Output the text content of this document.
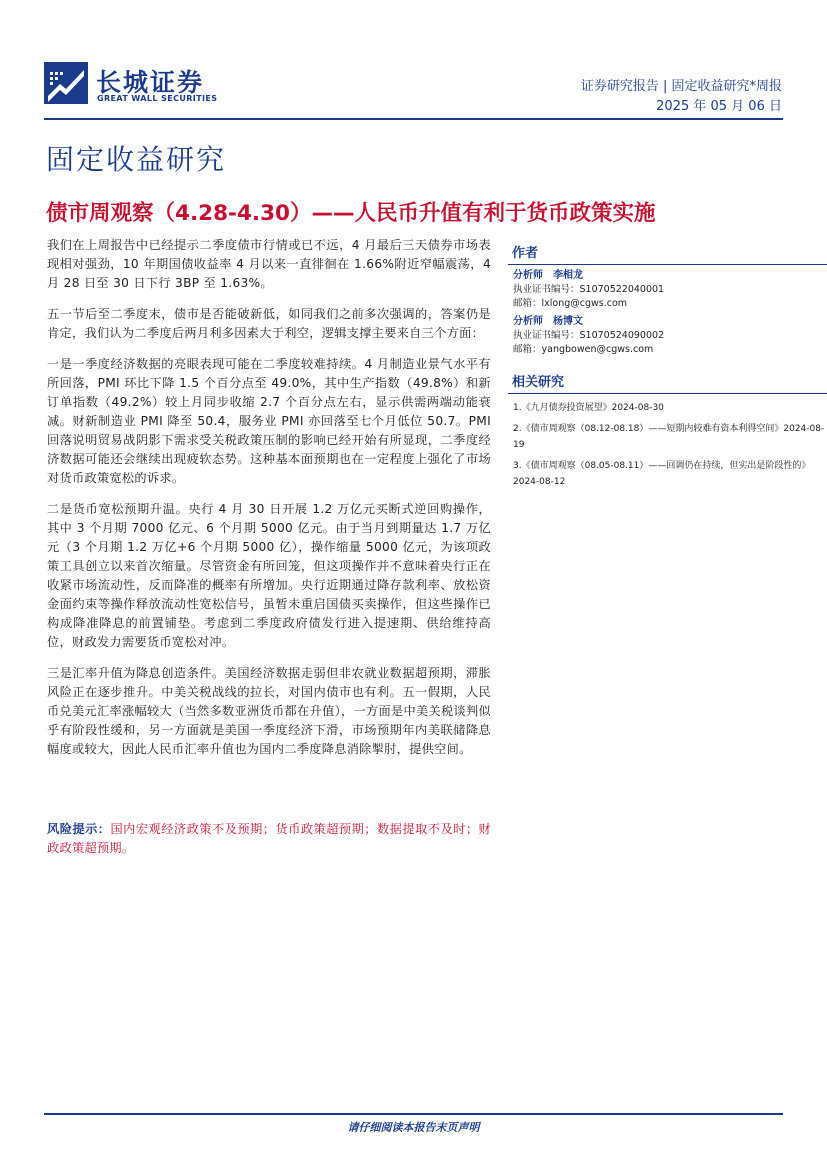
长城证券
GREAT WALL SECURITIES
证券研究报告 | 固定收益研究*周报
2025 年 05 月 06 日
固定收益研究
债市周观察（4.28-4.30）——人民币升值有利于货币政策实施

我们在上周报告中已经提示二季度债市行情或已不远，4 月最后三天债券市场表现相对强劲，10 年期国债收益率 4 月以来一直徘徊在 1.66%附近窄幅震荡，4 月 28 日至 30 日下行 3BP 至 1.63%。

五一节后至二季度末，债市是否能破新低，如同我们之前多次强调的，答案仍是肯定，我们认为二季度后两月利多因素大于利空，逻辑支撑主要来自三个方面：

一是一季度经济数据的亮眼表现可能在二季度较难持续。4 月制造业景气水平有所回落，PMI 环比下降 1.5 个百分点至 49.0%，其中生产指数（49.8%）和新订单指数（49.2%）较上月同步收缩 2.7 个百分点左右，显示供需两端动能衰减。财新制造业 PMI 降至 50.4，服务业 PMI 亦回落至七个月低位 50.7。PMI 回落说明贸易战阴影下需求受关税政策压制的影响已经开始有所显现，二季度经济数据可能还会继续出现疲软态势。这种基本面预期也在一定程度上强化了市场对货币政策宽松的诉求。

二是货币宽松预期升温。央行 4 月 30 日开展 1.2 万亿元买断式逆回购操作，其中 3 个月期 7000 亿元、6 个月期 5000 亿元。由于当月到期量达 1.7 万亿元（3 个月期 1.2 万亿+6 个月期 5000 亿），操作缩量 5000 亿元，为该项政策工具创立以来首次缩量。尽管资金有所回笼，但这项操作并不意味着央行正在收紧市场流动性，反而降准的概率有所增加。央行近期通过降存款利率、放松资金面约束等操作释放流动性宽松信号，虽暂未重启国债买卖操作，但这些操作已构成降准降息的前置铺垫。考虑到二季度政府债发行进入提速期、供给维持高位，财政发力需要货币宽松对冲。

三是汇率升值为降息创造条件。美国经济数据走弱但非农就业数据超预期，滞胀风险正在逐步推升。中美关税战线的拉长，对国内债市也有利。五一假期，人民币兑美元汇率涨幅较大（当然多数亚洲货币都在升值），一方面是中美关税谈判似乎有阶段性缓和，另一方面就是美国一季度经济下滑，市场预期年内美联储降息幅度或较大，因此人民币汇率升值也为国内二季度降息消除掣肘，提供空间。

风险提示：国内宏观经济政策不及预期；货币政策超预期；数据提取不及时；财政政策超预期。
作者
分析师　李相龙
执业证书编号：S1070522040001
邮箱：lxlong@cgws.com
分析师　杨博文
执业证书编号：S1070524090002
邮箱：yangbowen@cgws.com
相关研究
1.《九月债券投资展望》2024-08-30
2.《债市周观察（08.12-08.18）——短期内较难有资本利得空间》2024-08-19
3.《债市周观察（08.05-08.11）——回调仍在持续，但实出是阶段性的》2024-08-12
请仔细阅读本报告末页声明
